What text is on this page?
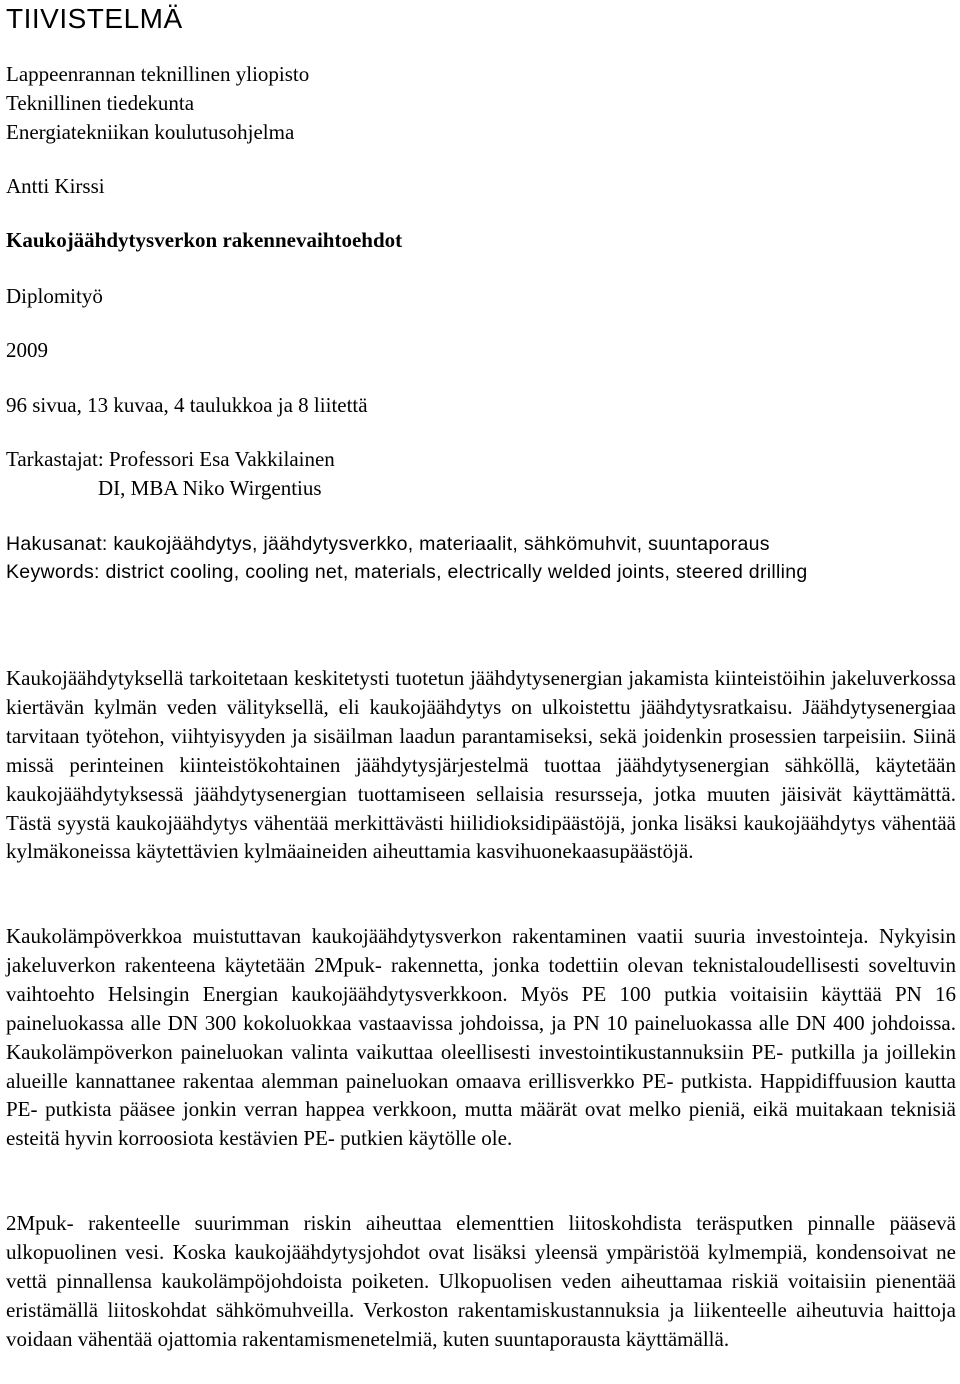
TIIVISTELMÄ
Lappeenrannan teknillinen yliopisto
Teknillinen tiedekunta
Energiatekniikan koulutusohjelma
Antti Kirssi
Kaukojäähdytysverkon rakennevaihtoehdot
Diplomityö
2009
96 sivua, 13 kuvaa, 4 taulukkoa ja 8 liitettä
Tarkastajat: Professori Esa Vakkilainen
DI, MBA Niko Wirgentius
Hakusanat: kaukojäähdytys, jäähdytysverkko, materiaalit, sähkömuhvit, suuntaporaus
Keywords: district cooling, cooling net, materials, electrically welded joints, steered drilling

Kaukojäähdytyksellä tarkoitetaan keskitetysti tuotetun jäähdytysenergian jakamista kiinteistöihin jakeluverkossa kiertävän kylmän veden välityksellä, eli kaukojäähdytys on ulkoistettu jäähdytysratkaisu. Jäähdytysenergiaa tarvitaan työtehon, viihtyisyyden ja sisäilman laadun parantamiseksi, sekä joidenkin prosessien tarpeisiin. Siinä missä perinteinen kiinteistökohtainen jäähdytysjärjestelmä tuottaa jäähdytysenergian sähköllä, käytetään kaukojäähdytyksessä jäähdytysenergian tuottamiseen sellaisia resursseja, jotka muuten jäisivät käyttämättä. Tästä syystä kaukojäähdytys vähentää merkittävästi hiilidioksidipäästöjä, jonka lisäksi kaukojäähdytys vähentää kylmäkoneissa käytettävien kylmäaineiden aiheuttamia kasvihuonekaasupäästöjä.

Kaukolämpöverkkoa muistuttavan kaukojäähdytysverkon rakentaminen vaatii suuria investointeja. Nykyisin jakeluverkon rakenteena käytetään 2Mpuk- rakennetta, jonka todettiin olevan teknistaloudellisesti soveltuvin vaihtoehto Helsingin Energian kaukojäähdytysverkkoon. Myös PE 100 putkia voitaisiin käyttää PN 16 paineluokassa alle DN 300 kokoluokkaa vastaavissa johdoissa, ja PN 10 paineluokassa alle DN 400 johdoissa. Kaukolämpöverkon paineluokan valinta vaikuttaa oleellisesti investointikustannuksiin PE- putkilla ja joillekin alueille kannattanee rakentaa alemman paineluokan omaava erillisverkko PE- putkista. Happidiffuusion kautta PE- putkista pääsee jonkin verran happea verkkoon, mutta määrät ovat melko pieniä, eikä muitakaan teknisiä esteitä hyvin korroosiota kestävien PE- putkien käytölle ole.

2Mpuk- rakenteelle suurimman riskin aiheuttaa elementtien liitoskohdista teräsputken pinnalle pääsevä ulkopuolinen vesi. Koska kaukojäähdytysjohdot ovat lisäksi yleensä ympäristöä kylmempiä, kondensoivat ne vettä pinnallensa kaukolämpöjohdoista poiketen. Ulkopuolisen veden aiheuttamaa riskiä voitaisiin pienentää eristämällä liitoskohdat sähkömuhveilla. Verkoston rakentamiskustannuksia ja liikenteelle aiheutuvia haittoja voidaan vähentää ojattomia rakentamismenetelmiä, kuten suuntaporausta käyttämällä.
